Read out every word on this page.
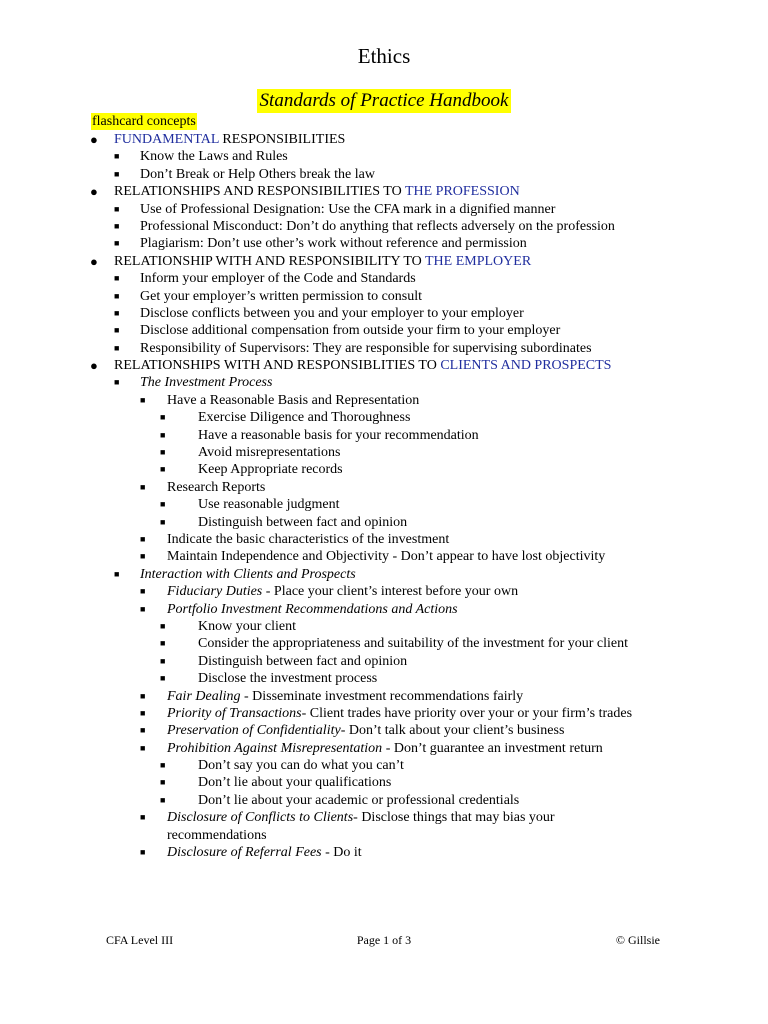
Ethics
Standards of Practice Handbook
flashcard concepts
● FUNDAMENTAL RESPONSIBILITIES
■ Know the Laws and Rules
■ Don’t Break or Help Others break the law
● RELATIONSHIPS AND RESPONSIBILITIES TO THE PROFESSION
■ Use of Professional Designation: Use the CFA mark in a dignified manner
■ Professional Misconduct: Don’t do anything that reflects adversely on the profession
■ Plagiarism: Don’t use other’s work without reference and permission
● RELATIONSHIP WITH AND RESPONSIBILITY TO THE EMPLOYER
■ Inform your employer of the Code and Standards
■ Get your employer’s written permission to consult
■ Disclose conflicts between you and your employer to your employer
■ Disclose additional compensation from outside your firm to your employer
■ Responsibility of Supervisors: They are responsible for supervising subordinates
● RELATIONSHIPS WITH AND RESPONSIBLITIES TO CLIENTS AND PROSPECTS
■ The Investment Process
■ Have a Reasonable Basis and Representation
■ Exercise Diligence and Thoroughness
■ Have a reasonable basis for your recommendation
■ Avoid misrepresentations
■ Keep Appropriate records
■ Research Reports
■ Use reasonable judgment
■ Distinguish between fact and opinion
■ Indicate the basic characteristics of the investment
■ Maintain Independence and Objectivity - Don’t appear to have lost objectivity
■ Interaction with Clients and Prospects
■ Fiduciary Duties - Place your client’s interest before your own
■ Portfolio Investment Recommendations and Actions
■ Know your client
■ Consider the appropriateness and suitability of the investment for your client
■ Distinguish between fact and opinion
■ Disclose the investment process
■ Fair Dealing - Disseminate investment recommendations fairly
■ Priority of Transactions- Client trades have priority over your or your firm’s trades
■ Preservation of Confidentiality- Don’t talk about your client’s business
■ Prohibition Against Misrepresentation - Don’t guarantee an investment return
■ Don’t say you can do what you can’t
■ Don’t lie about your qualifications
■ Don’t lie about your academic or professional credentials
■ Disclosure of Conflicts to Clients- Disclose things that may bias your recommendations
■ Disclosure of Referral Fees - Do it
CFA Level III	Page 1 of 3	© Gillsie
